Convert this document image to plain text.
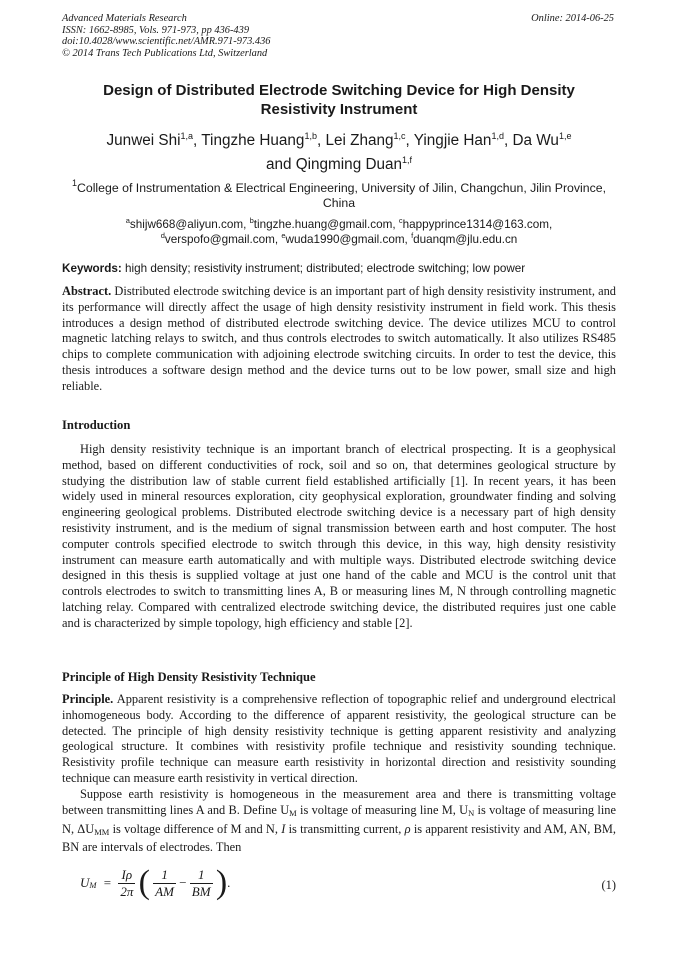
Advanced Materials Research
ISSN: 1662-8985, Vols. 971-973, pp 436-439
doi:10.4028/www.scientific.net/AMR.971-973.436
© 2014 Trans Tech Publications Ltd, Switzerland
Online: 2014-06-25
Design of Distributed Electrode Switching Device for High Density
Resistivity Instrument
Junwei Shi$^{1,a}$, Tingzhe Huang$^{1,b}$, Lei Zhang$^{1,c}$, Yingjie Han$^{1,d}$, Da Wu$^{1,e}$
and Qingming Duan$^{1,f}$
$^1$College of Instrumentation & Electrical Engineering, University of Jilin, Changchun, Jilin Province,
China
$^a$shijw668@aliyun.com, $^b$tingzhe.huang@gmail.com, $^c$happyprince1314@163.com,
$^d$verspofo@gmail.com, $^e$wuda1990@gmail.com, $^f$duanqm@jlu.edu.cn
Keywords: high density; resistivity instrument; distributed; electrode switching; low power
Abstract. Distributed electrode switching device is an important part of high density resistivity instrument, and its performance will directly affect the usage of high density resistivity instrument in field work. This thesis introduces a design method of distributed electrode switching device. The device utilizes MCU to control magnetic latching relays to switch, and thus controls electrodes to switch automatically. It also utilizes RS485 chips to complete communication with adjoining electrode switching circuits. In order to test the device, this thesis introduces a software design method and the device turns out to be low power, small size and high reliable.
Introduction
High density resistivity technique is an important branch of electrical prospecting. It is a geophysical method, based on different conductivities of rock, soil and so on, that determines geological structure by studying the distribution law of stable current field established artificially [1]. In recent years, it has been widely used in mineral resources exploration, city geophysical exploration, groundwater finding and solving engineering geological problems. Distributed electrode switching device is a necessary part of high density resistivity instrument, and is the medium of signal transmission between earth and host computer. The host computer controls specified electrode to switch through this device, in this way, high density resistivity instrument can measure earth automatically and with multiple ways. Distributed electrode switching device designed in this thesis is supplied voltage at just one hand of the cable and MCU is the control unit that controls electrodes to switch to transmitting lines A, B or measuring lines M, N through controlling magnetic latching relay. Compared with centralized electrode switching device, the distributed requires just one cable and is characterized by simple topology, high efficiency and stable [2].
Principle of High Density Resistivity Technique
Principle. Apparent resistivity is a comprehensive reflection of topographic relief and underground electrical inhomogeneous body. According to the difference of apparent resistivity, the geological structure can be detected. The principle of high density resistivity technique is getting apparent resistivity and analyzing geological structure. It combines with resistivity profile technique and resistivity sounding technique. Resistivity profile technique can measure earth resistivity in horizontal direction and resistivity sounding technique can measure earth resistivity in vertical direction.
Suppose earth resistivity is homogeneous in the measurement area and there is transmitting voltage between transmitting lines A and B. Define $U_M$ is voltage of measuring line M, $U_N$ is voltage of measuring line N, $\Delta U_{MM}$ is voltage difference of M and N, I is transmitting current, ρ is apparent resistivity and AM, AN, BM, BN are intervals of electrodes. Then
$U_M = \frac{I\rho}{2\pi}$ ( $\frac{1}{AM} - \frac{1}{BM}$ ).	(1)
